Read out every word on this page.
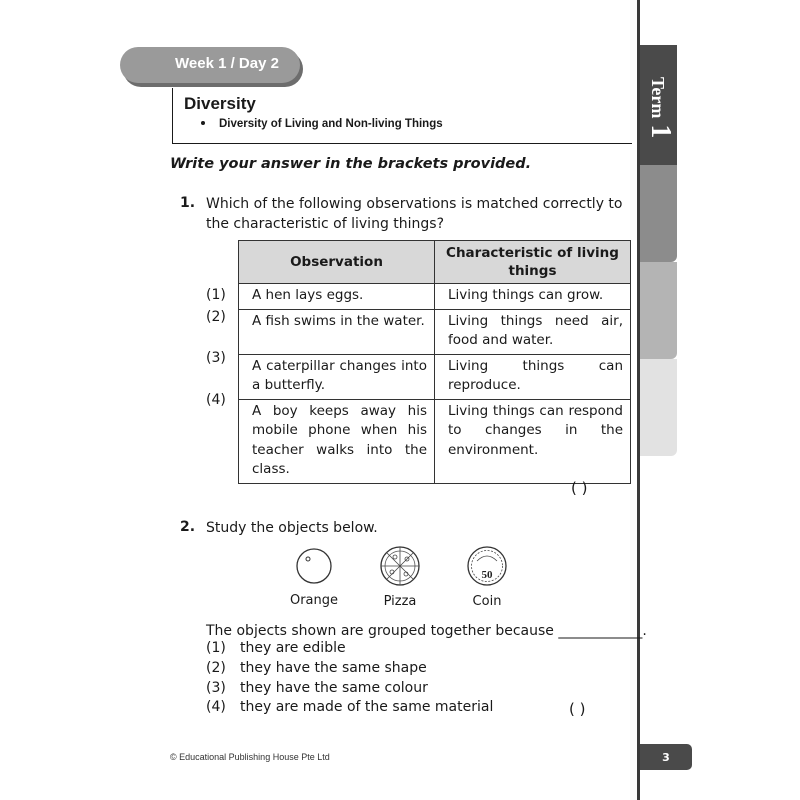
Term
1
Week 1 / Day 2
Diversity
Diversity of Living and Non-living Things
Write your answer in the brackets provided.
1. Which of the following observations is matched correctly to
the characteristic of living things?
Observation	Characteristic of living things
A hen lays eggs.	Living things can grow.
A fish swims in the water.	Living things need air, food and water.
A caterpillar changes into a butterfly.	Living things can reproduce.
A boy keeps away his mobile phone when his teacher walks into the class.	Living things can respond to changes in the environment.
(1)
(2)
(3)
(4)
( )
2. Study the objects below.
Orange	Pizza
50
Coin
The objects shown are grouped together because ____________.
(1) they are edible
(2) they have the same shape
(3) they have the same colour
(4) they are made of the same material	( )
© Educational Publishing House Pte Ltd	3
